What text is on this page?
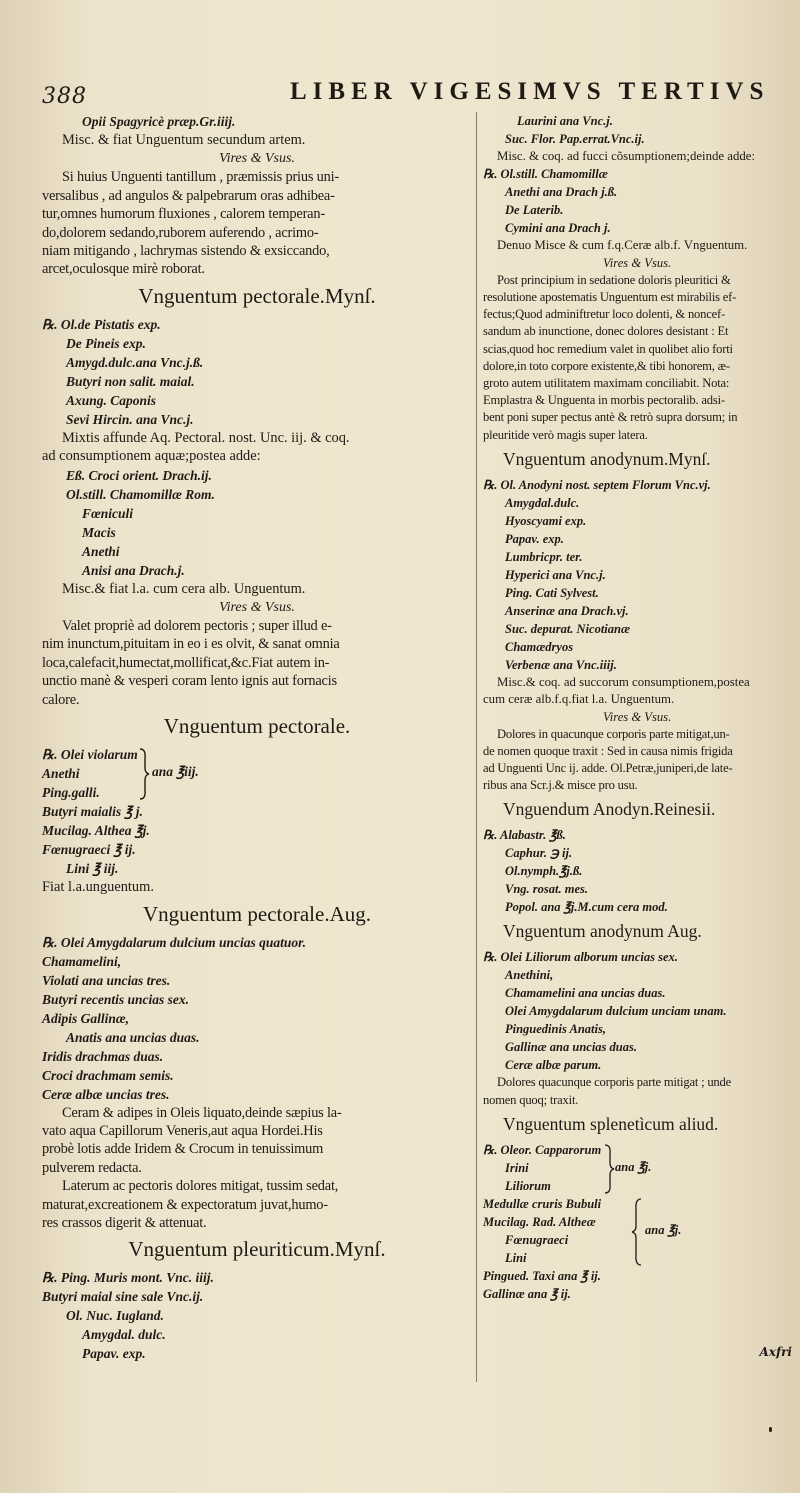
388	LIBER VIGESIMVS TERTIVS

Opii Spagyricè præp.Gr.iiij.

Misc. & fiat Unguentum secundum artem.

Vires & Vsus.

Si huius Unguenti tantillum , præmissis prius uni-

versalibus , ad angulos & palpebrarum oras adhibea-

tur,omnes humorum fluxiones , calorem temperan-

do,dolorem sedando,ruborem auferendo , acrimo-

niam mitigando , lachrymas sistendo & exsiccando,

arcet,oculosque mirè roborat.

Vnguentum pectorale.Mynſ.

℞. Ol.de Pistatis exp.

De Pineis exp.

Amygd.dulc.ana Vnc.j.ß.

Butyri non salit. maial.

Axung. Caponis

Sevi Hircin. ana Vnc.j.

Mixtis affunde Aq. Pectoral. nost. Unc. iij. & coq.

ad consumptionem aquæ;postea adde:

Eß. Croci orient. Drach.ij.

Ol.still. Chamomillæ Rom.

Fœniculi

Macis

Anethi

Anisi ana Drach.j.

Misc.& fiat l.a. cum cera alb. Unguentum.

Vires & Vsus.

Valet propriè ad dolorem pectoris ; super illud e-

nim inunctum,pituitam in eo i es olvit, & sanat omnia

loca,calefacit,humectat,mollificat,&c.Fiat autem in-

unctio manè & vesperi coram lento ignis aut fornacis

calore.

Vnguentum pectorale.

℞. Olei violarum

Anethi

Ping.galli.

ana ℥iij.

Butyri maialis ℥ j.

Mucilag. Althea ℥j.

Fœnugraeci ℥ ij.

Lini ℥ iij.

Fiat l.a.unguentum.

Vnguentum pectorale.Aug.

℞. Olei Amygdalarum dulcium uncias quatuor.

Chamamelini,

Violati ana uncias tres.

Butyri recentis uncias sex.

Adipis Gallinæ,

Anatis ana uncias duas.

Iridis drachmas duas.

Croci drachmam semis.

Ceræ albæ uncias tres.

Ceram & adipes in Oleis liquato,deinde sæpius la-

vato aqua Capillorum Veneris,aut aqua Hordei.His

probè lotis adde Iridem & Crocum in tenuissimum

pulverem redacta.

Laterum ac pectoris dolores mitigat, tussim sedat,

maturat,excreationem & expectoratum juvat,humo-

res crassos digerit & attenuat.

Vnguentum pleuriticum.Mynſ.

℞. Ping. Muris mont. Vnc. iiij.

Butyri maial sine sale Vnc.ij.

Ol. Nuc. Iugland.

Amygdal. dulc.

Papav. exp.

Laurini ana Vnc.j.

Suc. Flor. Pap.errat.Vnc.ij.

Misc. & coq. ad fucci cõsumptionem;deinde adde:

℞. Ol.still. Chamomillæ

Anethi ana Drach j.ß.

De Laterib.

Cymini ana Drach j.

Denuo Misce & cum f.q.Ceræ alb.f. Vnguentum.

Vires & Vsus.

Post principium in sedatione doloris pleuritici &

resolutione apostematis Unguentum est mirabilis ef-

fectus;Quod adminiftretur loco dolenti, & noncef-

sandum ab inunctione, donec dolores desistant : Et

scias,quod hoc remedium valet in quolibet alio forti

dolore,in toto corpore existente,& tibi honorem, æ-

groto autem utilitatem maximam conciliabit. Nota:

Emplastra & Unguenta in morbis pectoralib. adsi-

bent poni super pectus antè & retrò supra dorsum; in

pleuritide verò magis super latera.

Vnguentum anodynum.Mynſ.

℞. Ol. Anodyni nost. septem Florum Vnc.vj.

Amygdal.dulc.

Hyoscyami exp.

Papav. exp.

Lumbricpr. ter.

Hyperici ana Vnc.j.

Ping. Cati Sylvest.

Anserinæ ana Drach.vj.

Suc. depurat. Nicotianæ

Chamædryos

Verbenæ ana Vnc.iiij.

Misc.& coq. ad succorum consumptionem,postea

cum ceræ alb.f.q.fiat l.a. Unguentum.

Vires & Vsus.

Dolores in quacunque corporis parte mitigat,un-

de nomen quoque traxit : Sed in causa nimis frigida

ad Unguenti Unc ij. adde. Ol.Petræ,juniperi,de late-

ribus ana Scr.j.& misce pro usu.

Vnguendum Anodyn.Reinesii.

℞. Alabastr. ℥ß.

Caphur. ℈ ij.

Ol.nymph.℥j.ß.

Vng. rosat. mes.

Popol. ana ℥j.M.cum cera mod.

Vnguentum anodynum Aug.

℞. Olei Liliorum alborum uncias sex.

Anethini,

Chamamelini ana uncias duas.

Olei Amygdalarum dulcium unciam unam.

Pinguedinis Anatis,

Gallinæ ana uncias duas.

Ceræ albæ parum.

Dolores quacunque corporis parte mitigat ; unde

nomen quoq; traxit.

Vnguentum splenetìcum aliud.

℞. Oleor. Capparorum

Irini

Liliorum

ana ℥j.

Medullæ cruris Bubuli

Mucilag. Rad. Altheæ

Fœnugraeci

Lini

ana ℥j.

Pingued. Taxi ana ℥ ij.

Gallinæ ana ℥ ij.

Axfri
